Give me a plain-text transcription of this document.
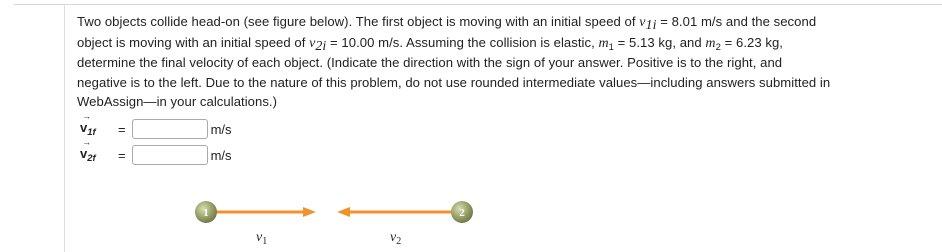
Two objects collide head-on (see figure below). The first object is moving with an initial speed of $v_{1i} = 8.01$ m/s and the second
object is moving with an initial speed of $v_{2i} = 10.00$ m/s. Assuming the collision is elastic, $m_1 = 5.13$ kg, and $m_2 = 6.23$ kg,
determine the final velocity of each object. (Indicate the direction with the sign of your answer. Positive is to the right, and
negative is to the left. Due to the nature of this problem, do not use rounded intermediate values—including answers submitted in
WebAssign—in your calculations.)
→
$v_{1f}$	=	m/s
→
$v_{2f}$	=	m/s
1	2
$v_1$	$v_2$
